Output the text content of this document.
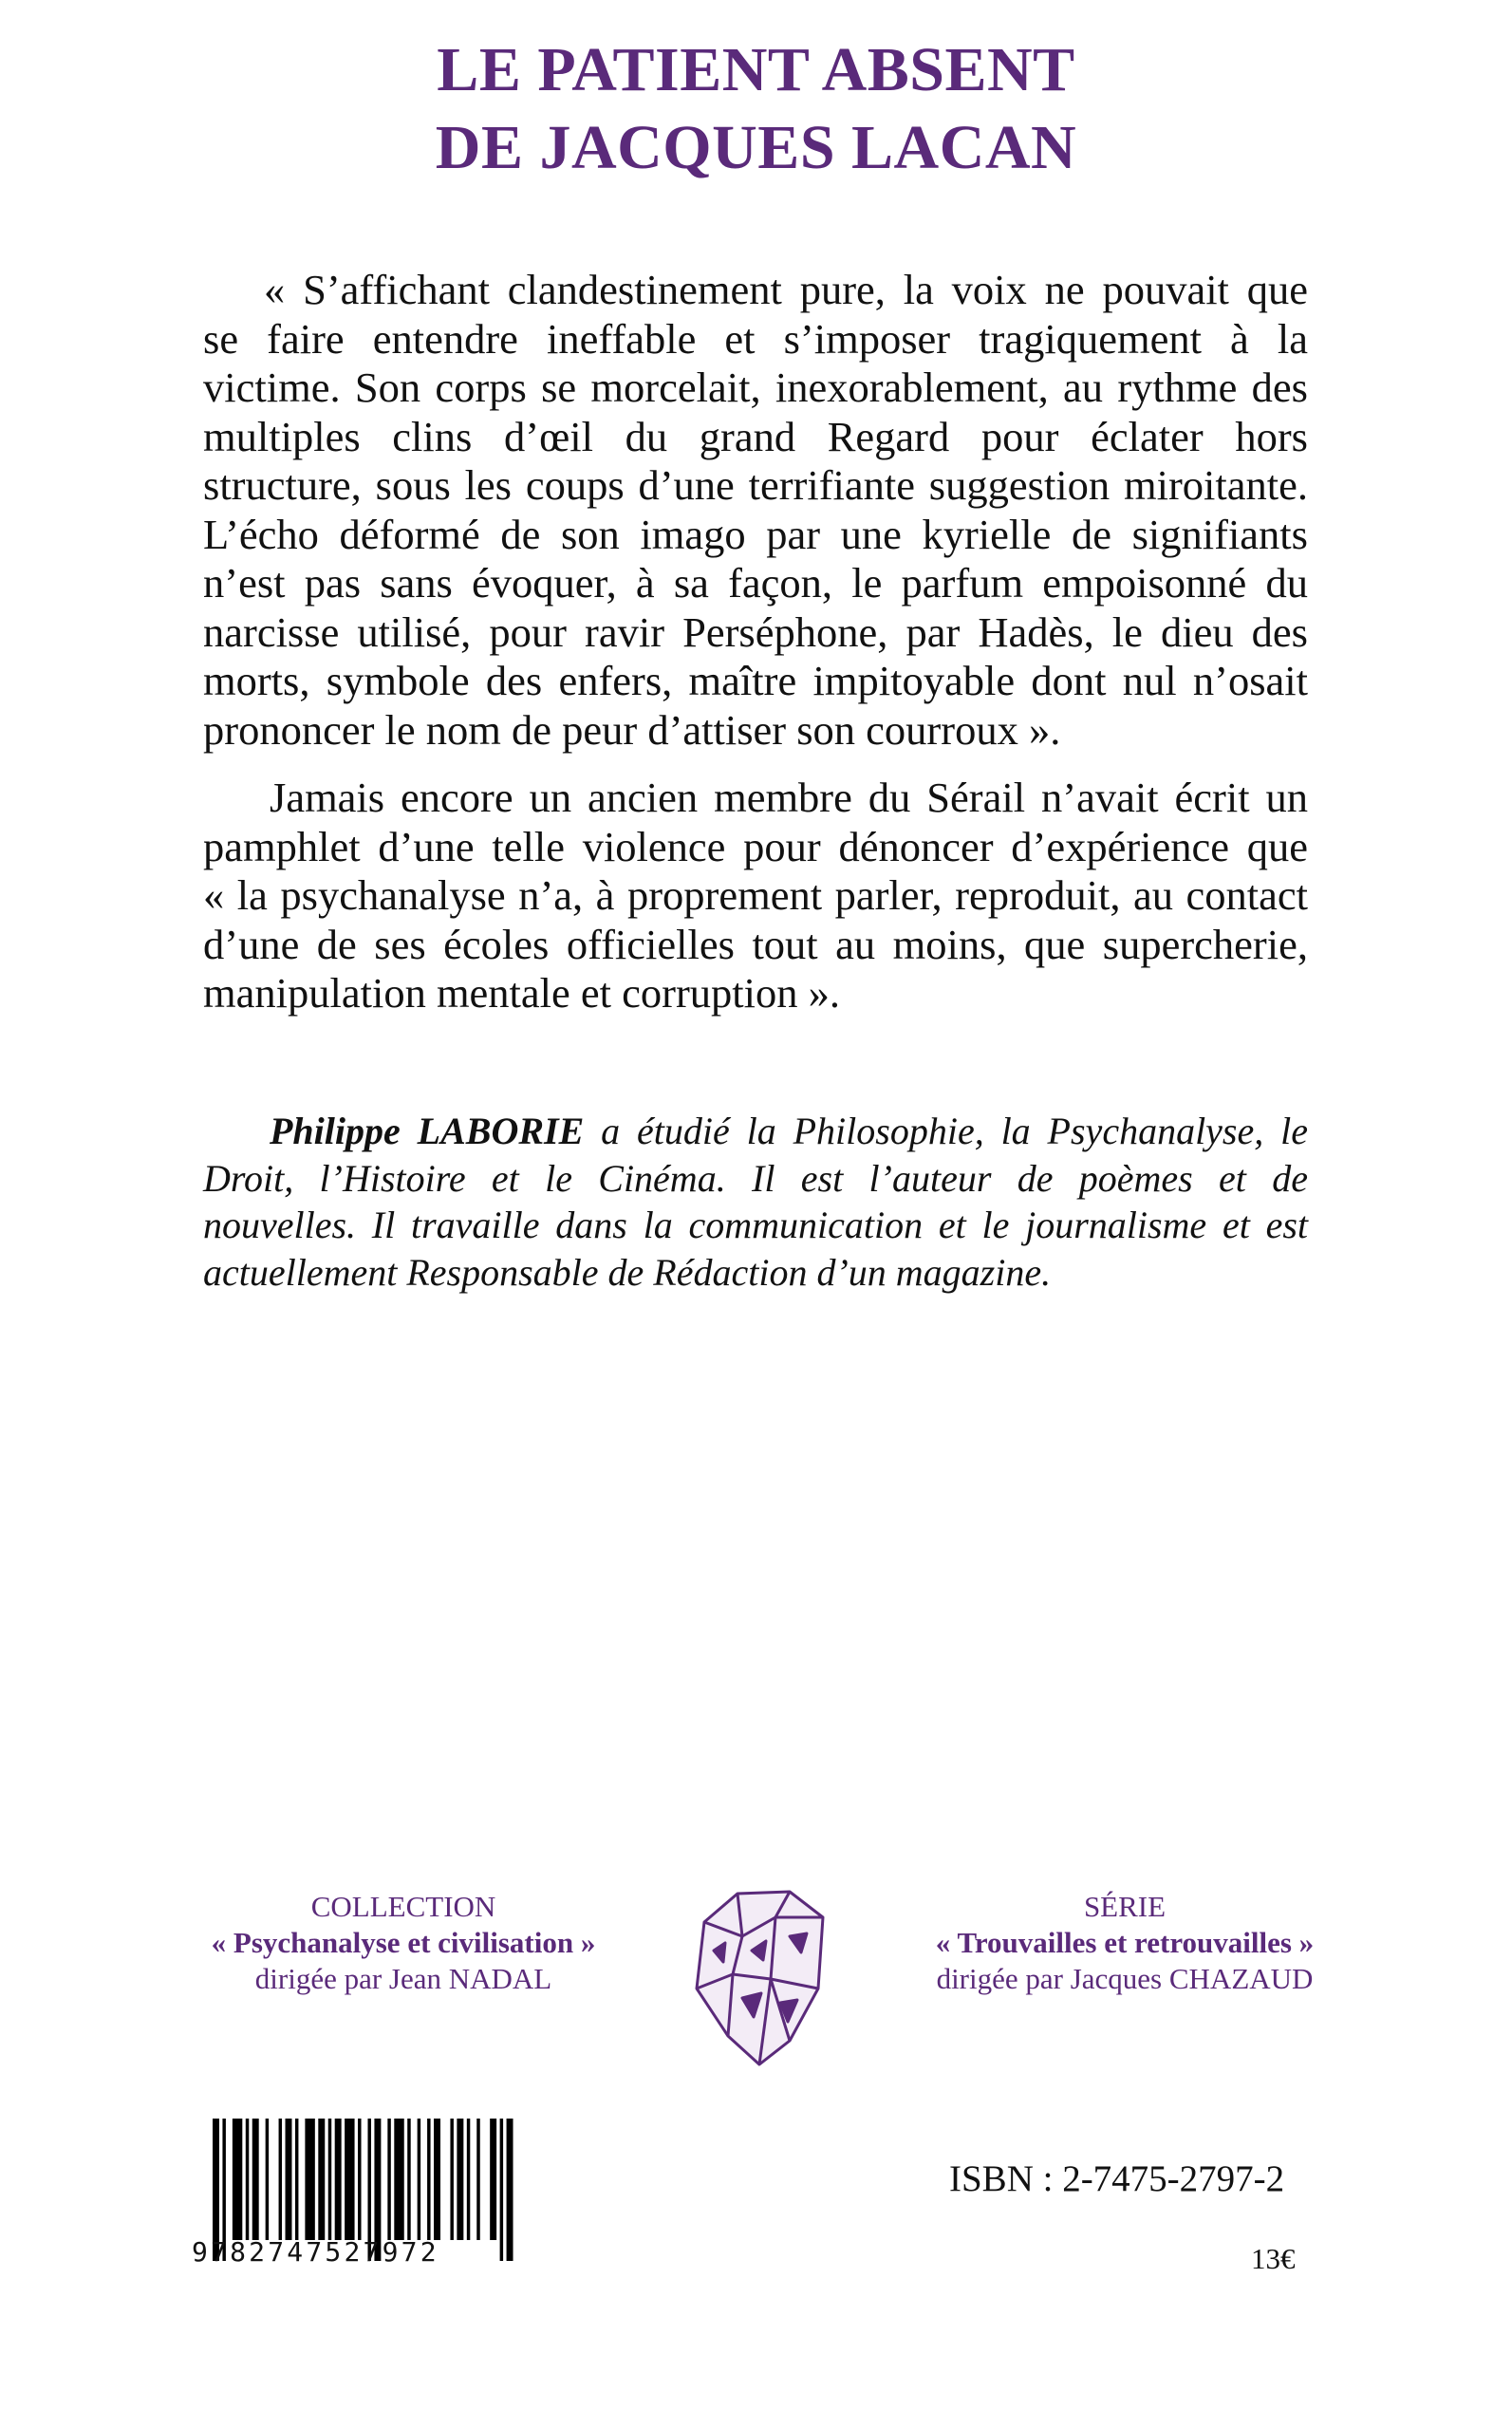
LE PATIENT ABSENT
DE JACQUES LACAN
« S’affichant clandestinement pure, la voix ne pouvait que
se faire entendre ineffable et s’imposer tragiquement à la
victime. Son corps se morcelait, inexorablement, au rythme des
multiples clins d’œil du grand Regard pour éclater hors
structure, sous les coups d’une terrifiante suggestion miroitante.
L’écho déformé de son imago par une kyrielle de signifiants
n’est pas sans évoquer, à sa façon, le parfum empoisonné du
narcisse utilisé, pour ravir Perséphone, par Hadès, le dieu des
morts, symbole des enfers, maître impitoyable dont nul n’osait
prononcer le nom de peur d’attiser son courroux ».
Jamais encore un ancien membre du Sérail n’avait écrit un
pamphlet d’une telle violence pour dénoncer d’expérience que
« la psychanalyse n’a, à proprement parler, reproduit, au contact
d’une de ses écoles officielles tout au moins, que supercherie,
manipulation mentale et corruption ».
Philippe LABORIE a étudié la Philosophie, la Psychanalyse, le
Droit, l’Histoire et le Cinéma. Il est l’auteur de poèmes et de
nouvelles. Il travaille dans la communication et le journalisme et est
actuellement Responsable de Rédaction d’un magazine.
COLLECTION
« Psychanalyse et civilisation »
dirigée par Jean NADAL
SÉRIE
« Trouvailles et retrouvailles »
dirigée par Jacques CHAZAUD
9782747527972
ISBN : 2-7475-2797-2
13€
